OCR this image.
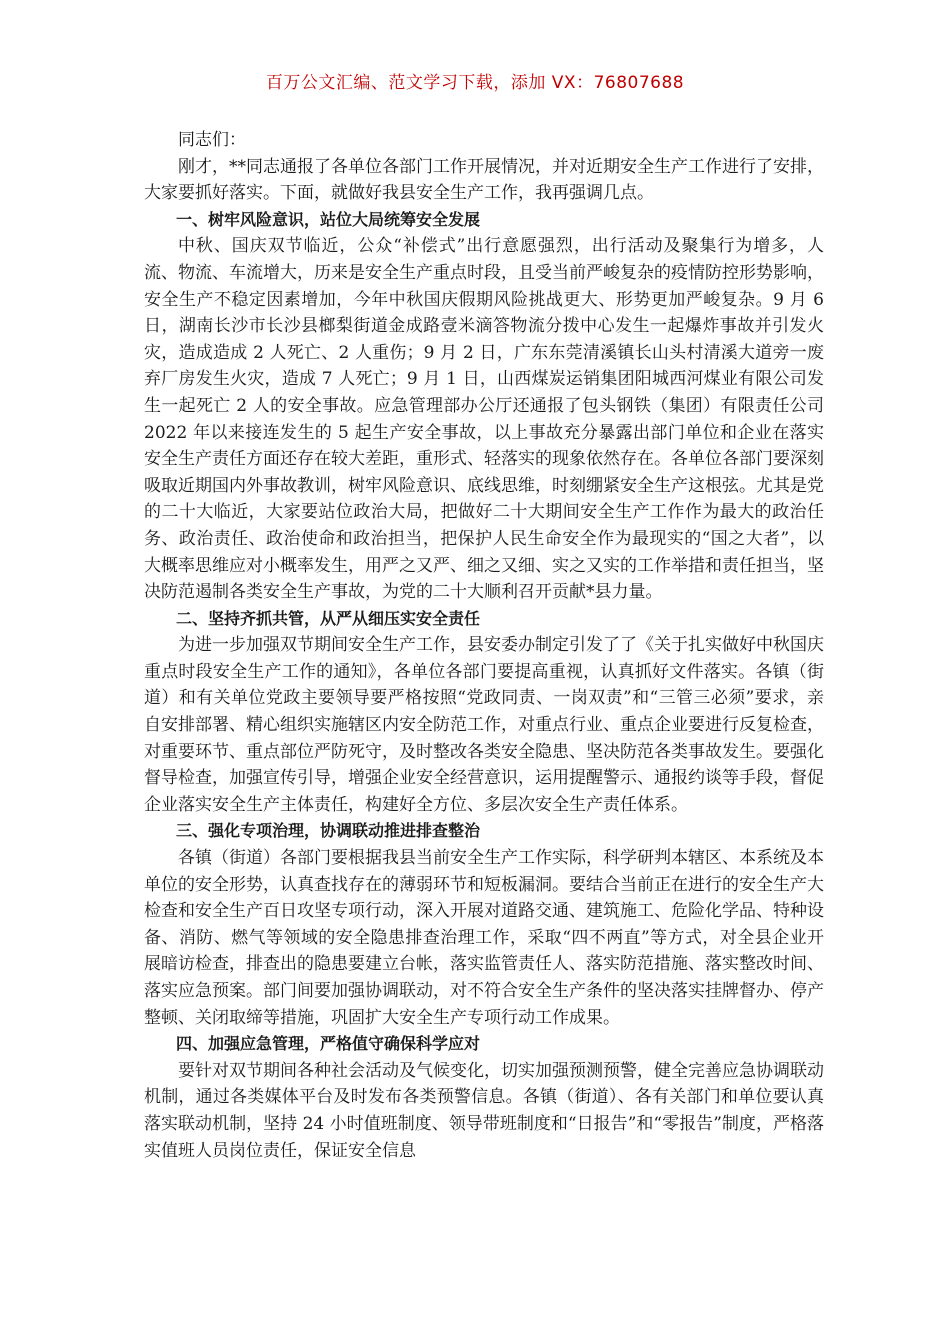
百万公文汇编、范文学习下载，添加 VX：76807688

同志们：

刚才，**同志通报了各单位各部门工作开展情况，并对近期安全生产工作进行了安排，大家要抓好落实。下面，就做好我县安全生产工作，我再强调几点。

一、树牢风险意识，站位大局统筹安全发展

中秋、国庆双节临近，公众“补偿式”出行意愿强烈，出行活动及聚集行为增多，人流、物流、车流增大，历来是安全生产重点时段，且受当前严峻复杂的疫情防控形势影响，安全生产不稳定因素增加，今年中秋国庆假期风险挑战更大、形势更加严峻复杂。9 月 6 日，湖南长沙市长沙县榔梨街道金成路壹米滴答物流分拨中心发生一起爆炸事故并引发火灾，造成造成 2 人死亡、2 人重伤；9 月 2 日，广东东莞清溪镇长山头村清溪大道旁一废弃厂房发生火灾，造成 7 人死亡；9 月 1 日，山西煤炭运销集团阳城西河煤业有限公司发生一起死亡 2 人的安全事故。应急管理部办公厅还通报了包头钢铁（集团）有限责任公司 2022 年以来接连发生的 5 起生产安全事故，以上事故充分暴露出部门单位和企业在落实安全生产责任方面还存在较大差距，重形式、轻落实的现象依然存在。各单位各部门要深刻吸取近期国内外事故教训，树牢风险意识、底线思维，时刻绷紧安全生产这根弦。尤其是党的二十大临近，大家要站位政治大局，把做好二十大期间安全生产工作作为最大的政治任务、政治责任、政治使命和政治担当，把保护人民生命安全作为最现实的“国之大者”，以大概率思维应对小概率发生，用严之又严、细之又细、实之又实的工作举措和责任担当，坚决防范遏制各类安全生产事故，为党的二十大顺利召开贡献*县力量。

二、坚持齐抓共管，从严从细压实安全责任

为进一步加强双节期间安全生产工作，县安委办制定引发了了《关于扎实做好中秋国庆重点时段安全生产工作的通知》，各单位各部门要提高重视，认真抓好文件落实。各镇（街道）和有关单位党政主要领导要严格按照“党政同责、一岗双责”和“三管三必须”要求，亲自安排部署、精心组织实施辖区内安全防范工作，对重点行业、重点企业要进行反复检查，对重要环节、重点部位严防死守，及时整改各类安全隐患、坚决防范各类事故发生。要强化督导检查，加强宣传引导，增强企业安全经营意识，运用提醒警示、通报约谈等手段，督促企业落实安全生产主体责任，构建好全方位、多层次安全生产责任体系。

三、强化专项治理，协调联动推进排查整治

各镇（街道）各部门要根据我县当前安全生产工作实际，科学研判本辖区、本系统及本单位的安全形势，认真查找存在的薄弱环节和短板漏洞。要结合当前正在进行的安全生产大检查和安全生产百日攻坚专项行动，深入开展对道路交通、建筑施工、危险化学品、特种设备、消防、燃气等领域的安全隐患排查治理工作，采取“四不两直”等方式，对全县企业开展暗访检查，排查出的隐患要建立台帐，落实监管责任人、落实防范措施、落实整改时间、落实应急预案。部门间要加强协调联动，对不符合安全生产条件的坚决落实挂牌督办、停产整顿、关闭取缔等措施，巩固扩大安全生产专项行动工作成果。

四、加强应急管理，严格值守确保科学应对

要针对双节期间各种社会活动及气候变化，切实加强预测预警，健全完善应急协调联动机制，通过各类媒体平台及时发布各类预警信息。各镇（街道）、各有关部门和单位要认真落实联动机制，坚持 24 小时值班制度、领导带班制度和“日报告”和“零报告”制度，严格落实值班人员岗位责任，保证安全信息
